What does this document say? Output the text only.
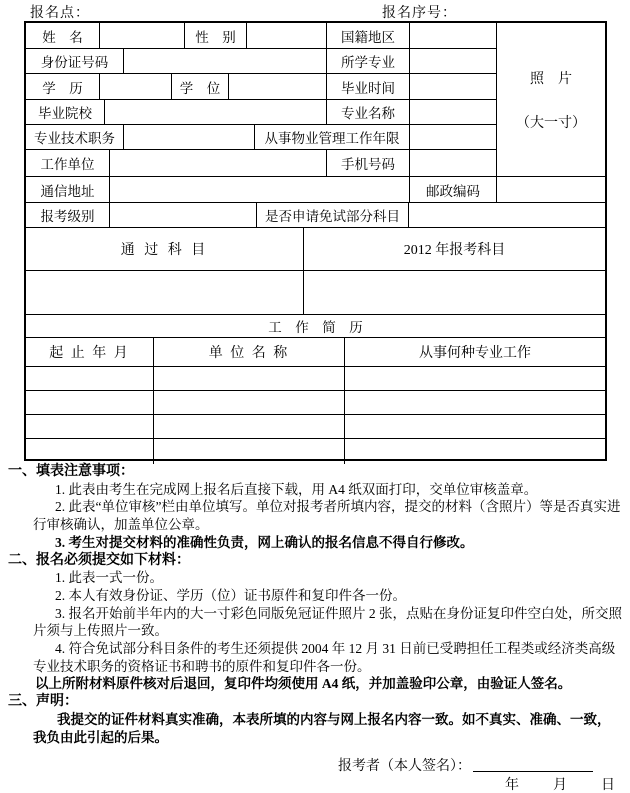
报名点：	报名序号：
姓　名	性　别	国籍地区
身份证号码	所学专业
学　历	学　位	毕业时间
毕业院校	专业名称
专业技术职务	从事物业管理工作年限
工作单位	手机号码
照　片
（大一寸）
通信地址	邮政编码
报考级别	是否申请免试部分科目
通 过 科 目	2012 年报考科目
工　作　简　历
起 止 年 月	单 位 名 称	从事何种专业工作
一、填表注意事项：
1. 此表由考生在完成网上报名后直接下载，用 A4 纸双面打印，交单位审核盖章。
2. 此表“单位审核”栏由单位填写。单位对报考者所填内容，提交的材料（含照片）等是否真实进行审核确认，加盖单位公章。
3. 考生对提交材料的准确性负责，网上确认的报名信息不得自行修改。
二、报名必须提交如下材料：
1. 此表一式一份。
2. 本人有效身份证、学历（位）证书原件和复印件各一份。
3. 报名开始前半年内的大一寸彩色同版免冠证件照片 2 张，点贴在身份证复印件空白处，所交照片须与上传照片一致。
4. 符合免试部分科目条件的考生还须提供 2004 年 12 月 31 日前已受聘担任工程类或经济类高级专业技术职务的资格证书和聘书的原件和复印件各一份。
以上所附材料原件核对后退回，复印件均须使用 A4 纸，并加盖验印公章，由验证人签名。
三、声明：
我提交的证件材料真实准确，本表所填的内容与网上报名内容一致。如不真实、准确、一致，我负由此引起的后果。
报考者（本人签名）：
年　　月　　日
